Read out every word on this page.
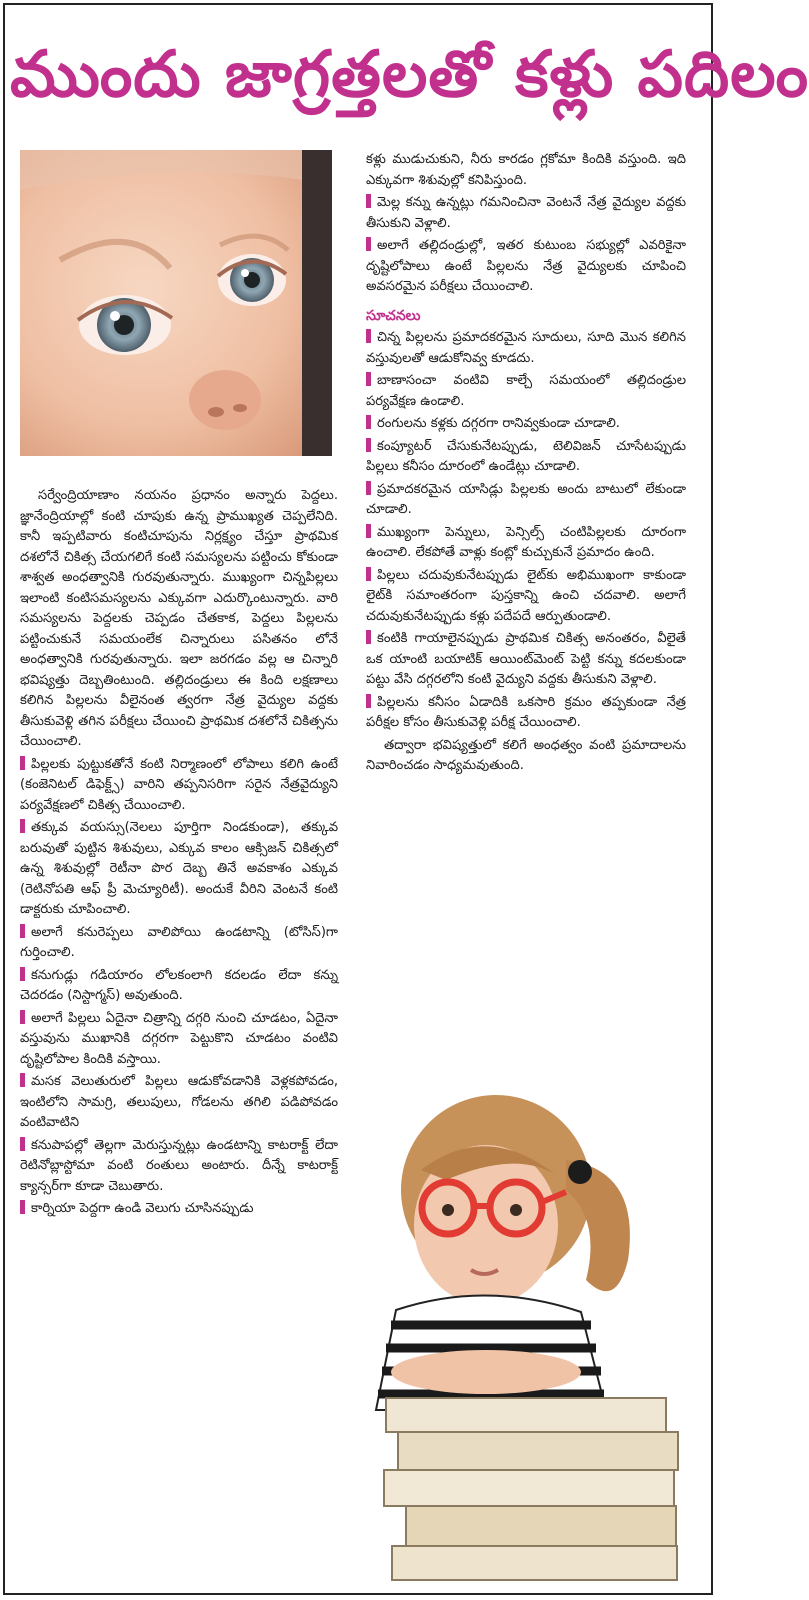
ముందు జాగ్రత్తలతో కళ్లు పదిలం

సర్వేంద్రియాణాం నయనం ప్రధానం అన్నారు పెద్దలు. జ్ఞానేంద్రియాల్లో కంటి చూపుకు ఉన్న ప్రాముఖ్యత చెప్పలేనిది. కానీ ఇప్పటివారు కంటిచూపును నిర్లక్ష్యం చేస్తూ ప్రాథమిక దశలోనే చికిత్స చేయగలిగే కంటి సమస్యలను పట్టించు కోకుండా శాశ్వత అంధత్వానికి గురవుతున్నారు. ముఖ్యంగా చిన్నపిల్లలు ఇలాంటి కంటిసమస్యలను ఎక్కువగా ఎదుర్కొంటున్నారు. వారి సమస్యలను పెద్దలకు చెప్పడం చేతకాక, పెద్దలు పిల్లలను పట్టించుకునే సమయంలేక చిన్నారులు పసితనం లోనే అంధత్వానికి గురవుతున్నారు. ఇలా జరగడం వల్ల ఆ చిన్నారి భవిష్యత్తు దెబ్బతింటుంది. తల్లిదండ్రులు ఈ కింది లక్షణాలు కలిగిన పిల్లలను వీలైనంత త్వరగా నేత్ర వైద్యుల వద్దకు తీసుకువెళ్లి తగిన పరీక్షలు చేయించి ప్రాథమిక దశలోనే చికిత్సను చేయించాలి.

పిల్లలకు పుట్టుకతోనే కంటి నిర్మాణంలో లోపాలు కలిగి ఉంటే (కంజెనిటల్ డిఫెక్ట్స్) వారిని తప్పనిసరిగా సరైన నేత్రవైద్యుని పర్యవేక్షణలో చికిత్స చేయించాలి.

తక్కువ వయస్సు(నెలలు పూర్తిగా నిండకుండా), తక్కువ బరువుతో పుట్టిన శిశువులు, ఎక్కువ కాలం ఆక్సిజన్ చికిత్సలో ఉన్న శిశువుల్లో రెటీనా పొర దెబ్బ తినే అవకాశం ఎక్కువ (రెటినోపతి ఆఫ్ ప్రీ మెచ్యూరిటీ). అందుకే వీరిని వెంటనే కంటి డాక్టరుకు చూపించాలి.

అలాగే కనురెప్పలు వాలిపోయి ఉండటాన్ని (టోసిస్)గా గుర్తించాలి.

కనుగుడ్లు గడియారం లోలకంలాగి కదలడం లేదా కన్ను చెదరడం (నిస్టాగ్మస్) అవుతుంది.

అలాగే పిల్లలు ఏదైనా చిత్రాన్ని దగ్గరి నుంచి చూడటం, ఏదైనా వస్తువును ముఖానికి దగ్గరగా పెట్టుకొని చూడటం వంటివి దృష్టిలోపాల కిందికి వస్తాయి.

మసక వెలుతురులో పిల్లలు ఆడుకోవడానికి వెళ్లకపోవడం, ఇంటిలోని సామగ్రి, తలుపులు, గోడలను తగిలి పడిపోవడం వంటివాటిని

కనుపాపల్లో తెల్లగా మెరుస్తున్నట్లు ఉండటాన్ని కాటరాక్ట్ లేదా రెటినోబ్లాస్టోమా వంటి రంతులు అంటారు. దీన్నే కాటరాక్ట్ క్యాన్సర్‌గా కూడా చెబుతారు.

కార్నియా పెద్దగా ఉండి వెలుగు చూసినప్పుడు

కళ్లు ముడుచుకుని, నీరు కారడం గ్లకోమా కిందికి వస్తుంది. ఇది ఎక్కువగా శిశువుల్లో కనిపిస్తుంది.

మెల్ల కన్ను ఉన్నట్లు గమనించినా వెంటనే నేత్ర వైద్యుల వద్దకు తీసుకుని వెళ్లాలి.

అలాగే తల్లిదండ్రుల్లో, ఇతర కుటుంబ సభ్యుల్లో ఎవరికైనా దృష్టిలోపాలు ఉంటే పిల్లలను నేత్ర వైద్యులకు చూపించి అవసరమైన పరీక్షలు చేయించాలి.

సూచనలు

చిన్న పిల్లలను ప్రమాదకరమైన సూదులు, సూది మొన కలిగిన వస్తువులతో ఆడుకోనివ్వ కూడదు.

బాణాసంచా వంటివి కాల్చే సమయంలో తల్లిదండ్రుల పర్యవేక్షణ ఉండాలి.

రంగులను కళ్లకు దగ్గరగా రానివ్వకుండా చూడాలి.

కంప్యూటర్ చేసుకునేటప్పుడు, టెలివిజన్ చూసేటప్పుడు పిల్లలు కనీసం దూరంలో ఉండేట్లు చూడాలి.

ప్రమాదకరమైన యాసిడ్లు పిల్లలకు అందు బాటులో లేకుండా చూడాలి.

ముఖ్యంగా పెన్నులు, పెన్సిల్స్ చంటిపిల్లలకు దూరంగా ఉంచాలి. లేకపోతే వాళ్లు కంట్లో కుచ్చుకునే ప్రమాదం ఉంది.

పిల్లలు చదువుకునేటప్పుడు లైట్‌కు అభిముఖంగా కాకుండా లైట్‌కి సమాంతరంగా పుస్తకాన్ని ఉంచి చదవాలి. అలాగే చదువుకునేటప్పుడు కళ్లు పదేపదే ఆర్పుతుండాలి.

కంటికి గాయాలైనప్పుడు ప్రాథమిక చికిత్స అనంతరం, వీలైతే ఒక యాంటి బయాటిక్ ఆయింట్‌మెంట్ పెట్టి కన్ను కదలకుండా పట్టు వేసి దగ్గరలోని కంటి వైద్యుని వద్దకు తీసుకుని వెళ్లాలి.

పిల్లలను కనీసం ఏడాదికి ఒకసారి క్రమం తప్పకుండా నేత్ర పరీక్షల కోసం తీసుకువెళ్లి పరీక్ష చేయించాలి.

తద్వారా భవిష్యత్తులో కలిగే అంధత్వం వంటి ప్రమాదాలను నివారించడం సాధ్యమవుతుంది.
